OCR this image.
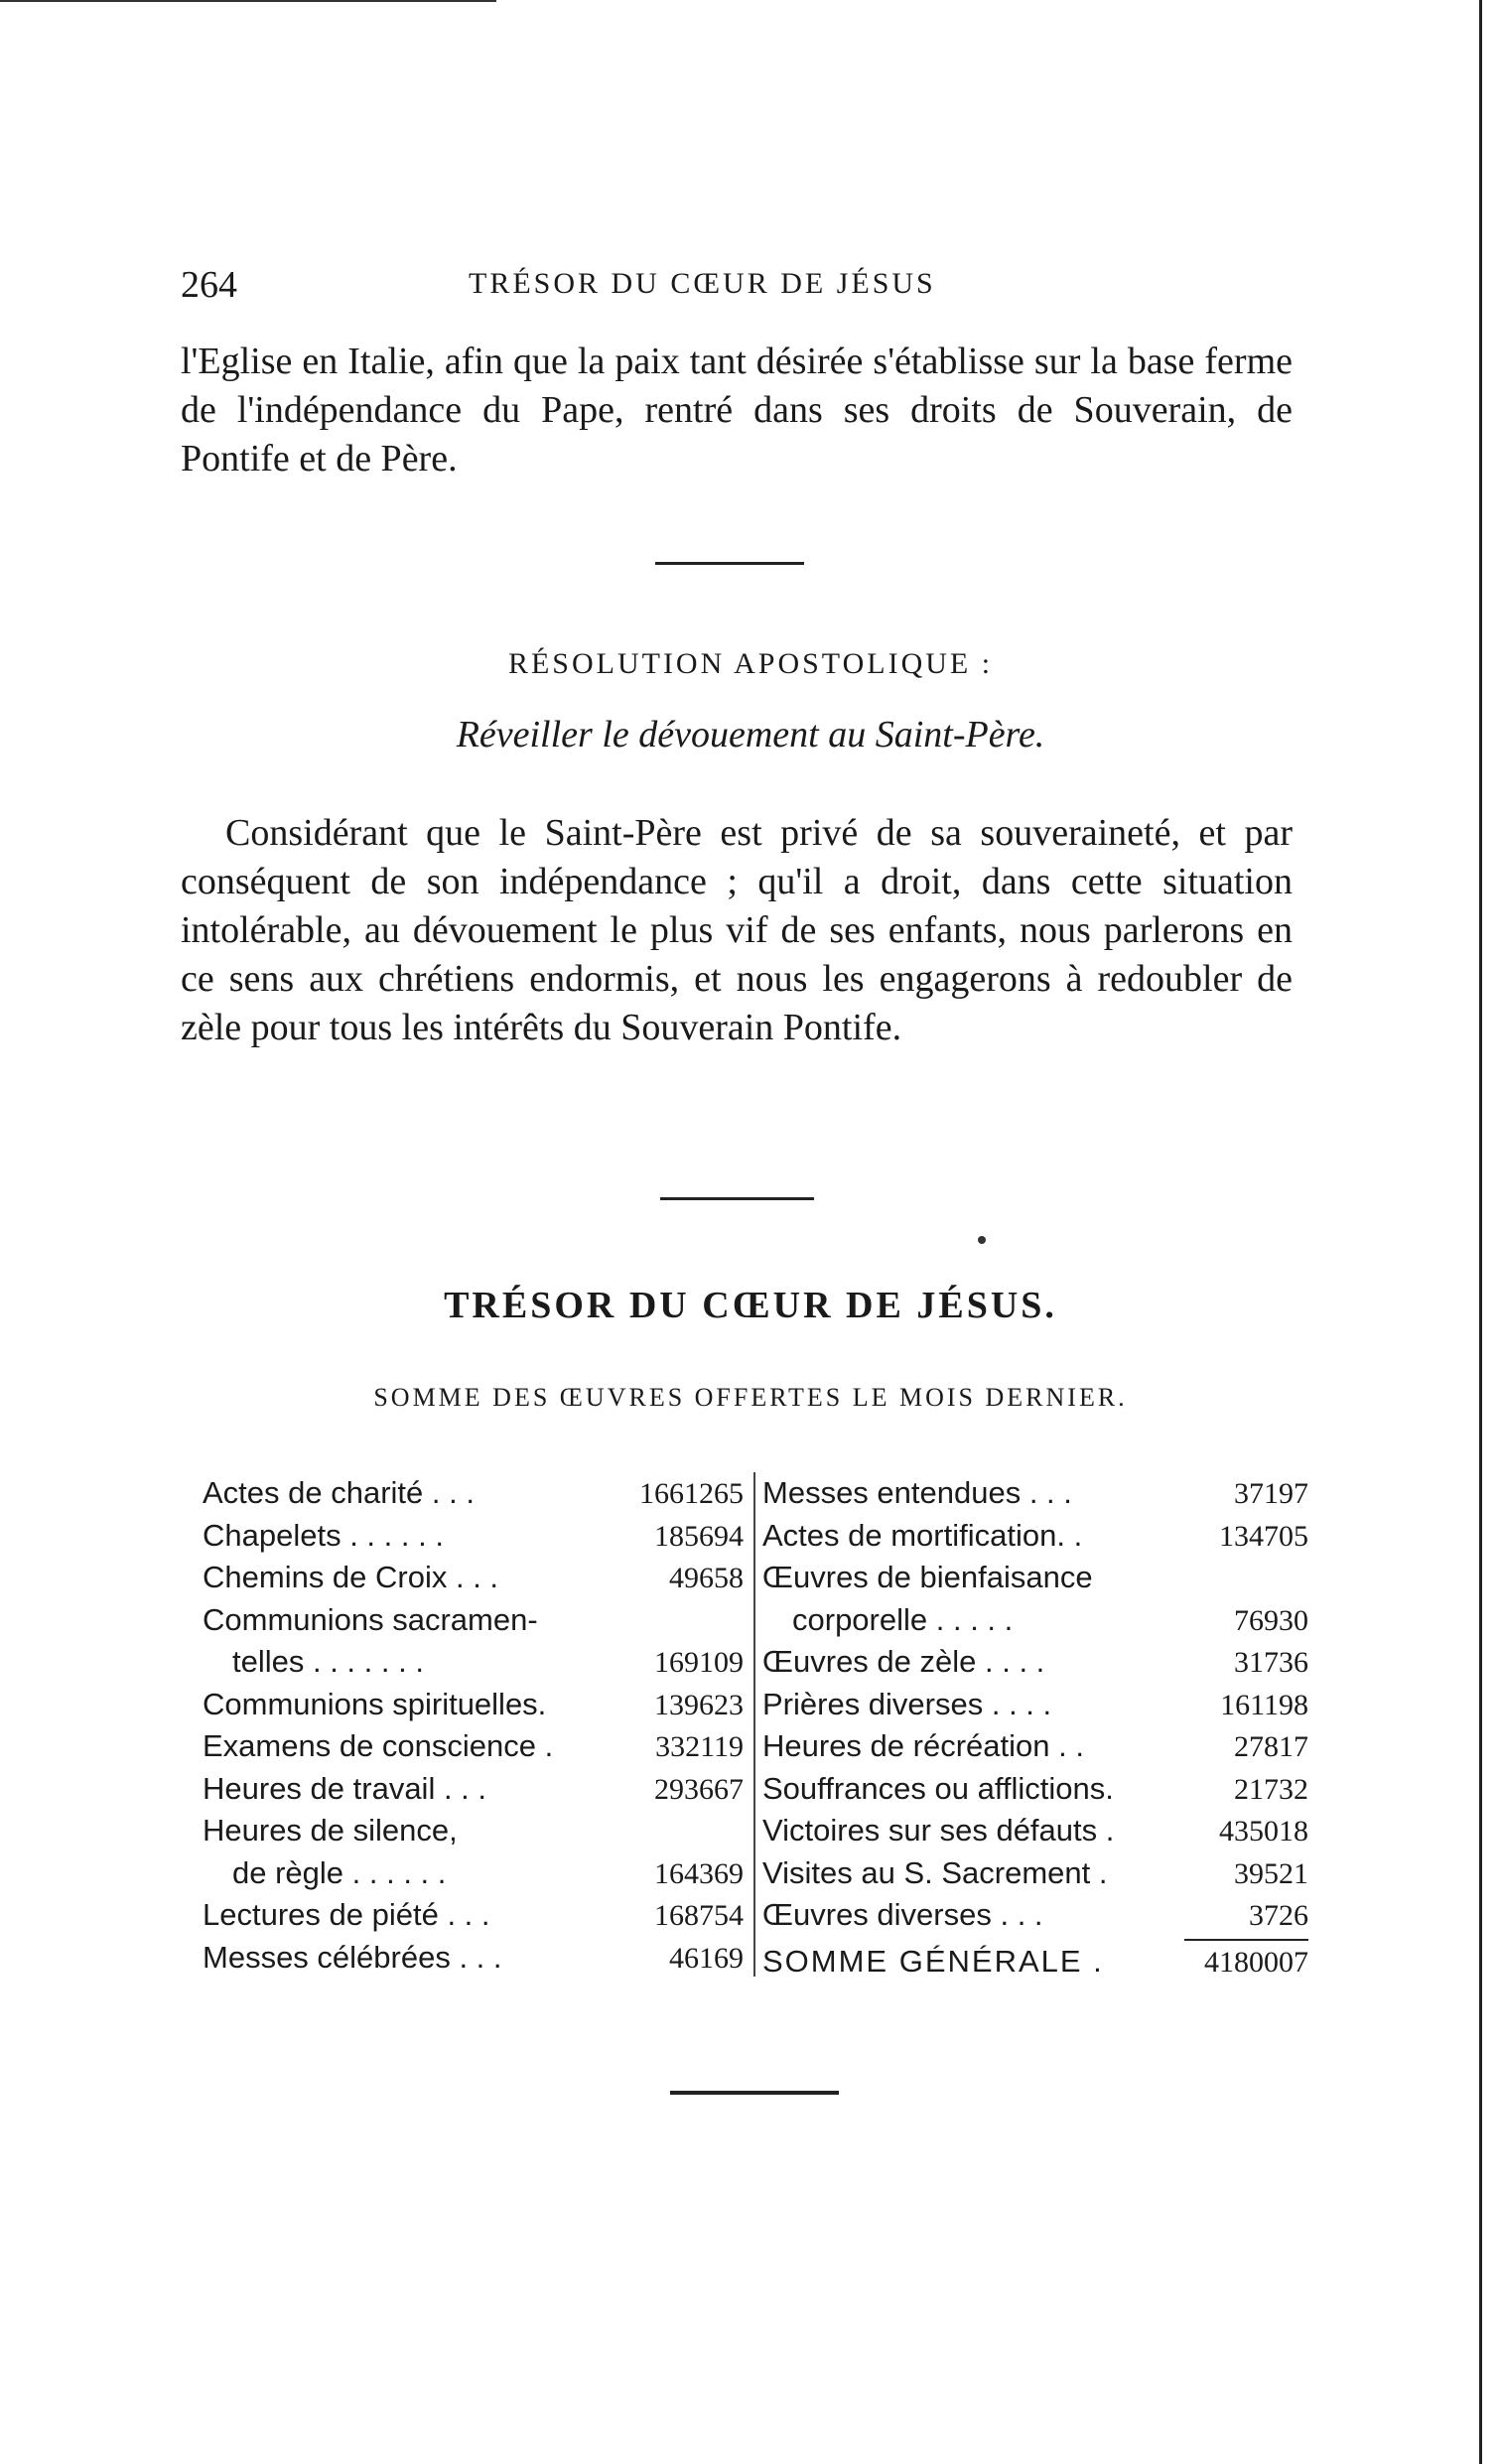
264	TRÉSOR DU CŒUR DE JÉSUS

l'Eglise en Italie, afin que la paix tant désirée s'établisse sur la base ferme de l'indépendance du Pape, rentré dans ses droits de Souverain, de Pontife et de Père.

RÉSOLUTION APOSTOLIQUE :
Réveiller le dévouement au Saint-Père.

Considérant que le Saint-Père est privé de sa souveraineté, et par conséquent de son indépendance ; qu'il a droit, dans cette situation intolérable, au dévouement le plus vif de ses enfants, nous parlerons en ce sens aux chrétiens endormis, et nous les engagerons à redoubler de zèle pour tous les intérêts du Souverain Pontife.

TRÉSOR DU CŒUR DE JÉSUS.
SOMME DES ŒUVRES OFFERTES LE MOIS DERNIER.
Actes de charité . . .	1661265
Chapelets . . . . . .	185694
Chemins de Croix . . .	49658
Communions sacramen-
telles . . . . . . .	169109
Communions spirituelles.	139623
Examens de conscience .	332119
Heures de travail . . .	293667
Heures de silence,
de règle . . . . . .	164369
Lectures de piété . . .	168754
Messes célébrées . . .	46169
Messes entendues . . .	37197
Actes de mortification. .	134705
Œuvres de bienfaisance
corporelle . . . . .	76930
Œuvres de zèle . . . .	31736
Prières diverses . . . .	161198
Heures de récréation . .	27817
Souffrances ou afflictions.	21732
Victoires sur ses défauts .	435018
Visites au S. Sacrement .	39521
Œuvres diverses . . .	3726
SOMME GÉNÉRALE .	4180007
